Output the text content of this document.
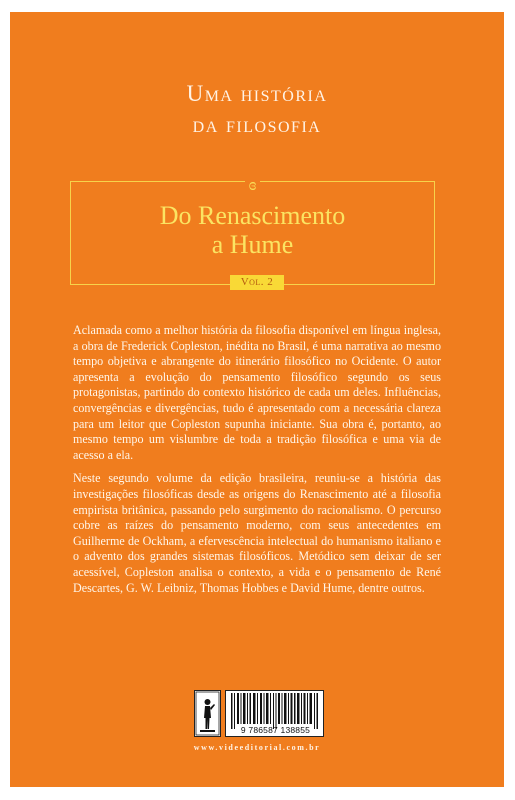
Uma história
da filosofia
ɞ
Do Renascimento
a Hume
Vol. 2

Aclamada como a melhor história da filosofia disponível em língua inglesa, a obra de Frederick Copleston, inédita no Brasil, é uma narrativa ao mesmo tempo objetiva e abrangente do itinerário filosófico no Ocidente. O autor apresenta a evolução do pensamento filosófico segundo os seus protagonistas, partindo do contexto histórico de cada um deles. Influências, convergências e divergências, tudo é apresentado com a necessária clareza para um leitor que Copleston supunha iniciante. Sua obra é, portanto, ao mesmo tempo um vislumbre de toda a tradição filosófica e uma via de acesso a ela.

Neste segundo volume da edição brasileira, reuniu-se a história das investigações filosóficas desde as origens do Renascimento até a filosofia empirista britânica, passando pelo surgimento do racionalismo. O percurso cobre as raízes do pensamento moderno, com seus antecedentes em Guilherme de Ockham, a efervescência intelectual do humanismo italiano e o advento dos grandes sistemas filosóficos. Metódico sem deixar de ser acessível, Copleston analisa o contexto, a vida e o pensamento de René Descartes, G. W. Leibniz, Thomas Hobbes e David Hume, dentre outros.

9 786587 138855
www.videeditorial.com.br
